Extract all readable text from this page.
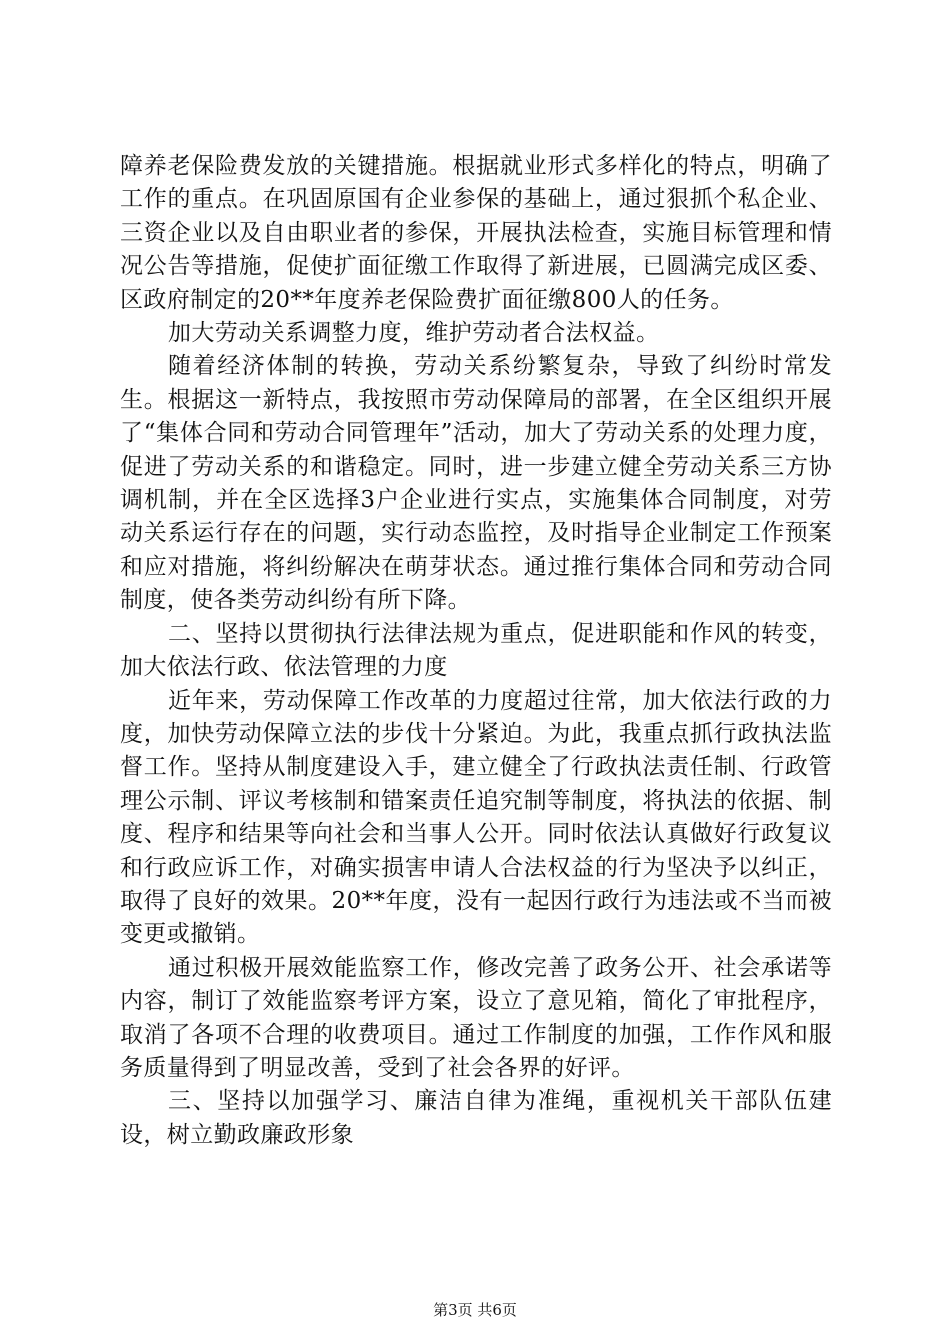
障养老保险费发放的关键措施。根据就业形式多样化的特点，明确了工作的重点。在巩固原国有企业参保的基础上，通过狠抓个私企业、三资企业以及自由职业者的参保，开展执法检查，实施目标管理和情况公告等措施，促使扩面征缴工作取得了新进展，已圆满完成区委、区政府制定的20**年度养老保险费扩面征缴800人的任务。

加大劳动关系调整力度，维护劳动者合法权益。

随着经济体制的转换，劳动关系纷繁复杂，导致了纠纷时常发生。根据这一新特点，我按照市劳动保障局的部署，在全区组织开展了“集体合同和劳动合同管理年”活动，加大了劳动关系的处理力度，促进了劳动关系的和谐稳定。同时，进一步建立健全劳动关系三方协调机制，并在全区选择3户企业进行实点，实施集体合同制度，对劳动关系运行存在的问题，实行动态监控，及时指导企业制定工作预案和应对措施，将纠纷解决在萌芽状态。通过推行集体合同和劳动合同制度，使各类劳动纠纷有所下降。

二、坚持以贯彻执行法律法规为重点，促进职能和作风的转变，加大依法行政、依法管理的力度

近年来，劳动保障工作改革的力度超过往常，加大依法行政的力度，加快劳动保障立法的步伐十分紧迫。为此，我重点抓行政执法监督工作。坚持从制度建设入手，建立健全了行政执法责任制、行政管理公示制、评议考核制和错案责任追究制等制度，将执法的依据、制度、程序和结果等向社会和当事人公开。同时依法认真做好行政复议和行政应诉工作，对确实损害申请人合法权益的行为坚决予以纠正，取得了良好的效果。20**年度，没有一起因行政行为违法或不当而被变更或撤销。

通过积极开展效能监察工作，修改完善了政务公开、社会承诺等内容，制订了效能监察考评方案，设立了意见箱，简化了审批程序，取消了各项不合理的收费项目。通过工作制度的加强，工作作风和服务质量得到了明显改善，受到了社会各界的好评。

三、坚持以加强学习、廉洁自律为准绳，重视机关干部队伍建设，树立勤政廉政形象

第3页 共6页
